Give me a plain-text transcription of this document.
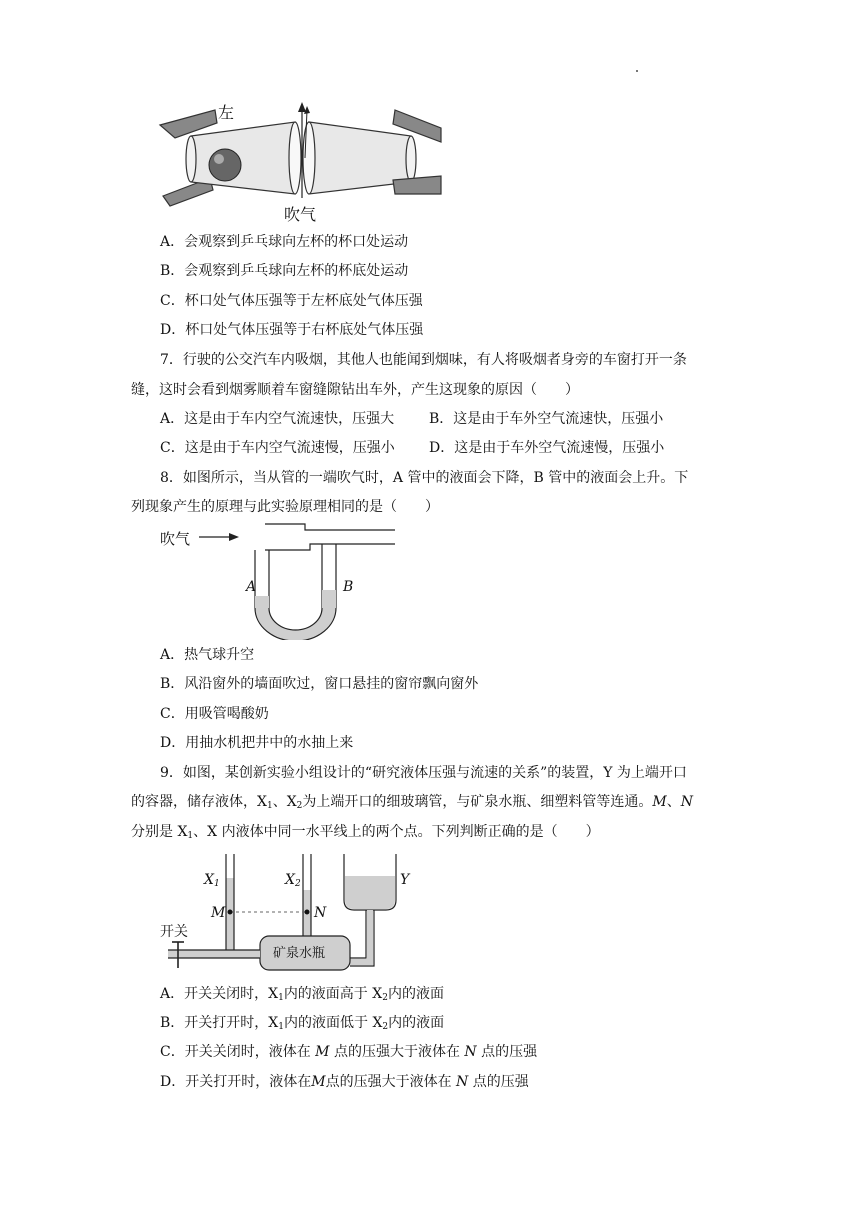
左
吹气
A．会观察到乒乓球向左杯的杯口处运动
B．会观察到乒乓球向左杯的杯底处运动
C．杯口处气体压强等于左杯底处气体压强
D．杯口处气体压强等于右杯底处气体压强
7．行驶的公交汽车内吸烟，其他人也能闻到烟味，有人将吸烟者身旁的车窗打开一条
缝，这时会看到烟雾顺着车窗缝隙钻出车外，产生这现象的原因（　　）
A．这是由于车内空气流速快，压强大 B．这是由于车外空气流速快，压强小
C．这是由于车内空气流速慢，压强小 D．这是由于车外空气流速慢，压强小
8．如图所示，当从管的一端吹气时，A 管中的液面会下降，B 管中的液面会上升。下
列现象产生的原理与此实验原理相同的是（　　）
吹气
A	B
A．热气球升空
B．风沿窗外的墙面吹过，窗口悬挂的窗帘飘向窗外
C．用吸管喝酸奶
D．用抽水机把井中的水抽上来
9．如图，某创新实验小组设计的“研究液体压强与流速的关系”的装置，Y 为上端开口
的容器，储存液体，$X_1$、$X_2$为上端开口的细玻璃管，与矿泉水瓶、细塑料管等连通。M、N
分别是 $X_1$、X 内液体中同一水平线上的两个点。下列判断正确的是（　　）
$X_1$	$X_2$	Y
M	N
开关
矿泉水瓶
A．开关关闭时，$X_1$内的液面高于 $X_2$内的液面
B．开关打开时，$X_1$内的液面低于 $X_2$内的液面
C．开关关闭时，液体在 M 点的压强大于液体在 N 点的压强
D．开关打开时，液体在M点的压强大于液体在 N 点的压强
